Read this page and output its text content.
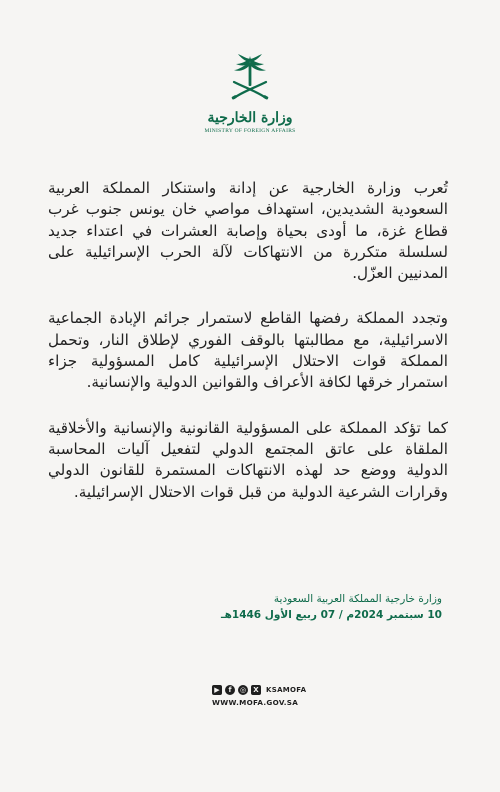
وزارة الخارجية
MINISTRY OF FOREIGN AFFAIRS

تُعرب وزارة الخارجية عن إدانة واستنكار المملكة العربية السعودية الشديدين، استهداف مواصي خان يونس جنوب غرب قطاع غزة، ما أودى بحياة وإصابة العشرات في اعتداء جديد لسلسلة متكررة من الانتهاكات لآلة الحرب الإسرائيلية على المدنيين العزّل.

وتجدد المملكة رفضها القاطع لاستمرار جرائم الإبادة الجماعية الاسرائيلية، مع مطالبتها بالوقف الفوري لإطلاق النار، وتحمل المملكة قوات الاحتلال الإسرائيلية كامل المسؤولية جزاء استمرار خرقها لكافة الأعراف والقوانين الدولية والإنسانية.

كما تؤكد المملكة على المسؤولية القانونية والإنسانية والأخلاقية الملقاة على عاتق المجتمع الدولي لتفعيل آليات المحاسبة الدولية ووضع حد لهذه الانتهاكات المستمرة للقانون الدولي وقرارات الشرعية الدولية من قبل قوات الاحتلال الإسرائيلية.

وزارة خارجية المملكة العربية السعودية
10 سبتمبر 2024م / 07 ربيع الأول 1446هـ
▶	f	◎	X	KSAMOFA
WWW.MOFA.GOV.SA
